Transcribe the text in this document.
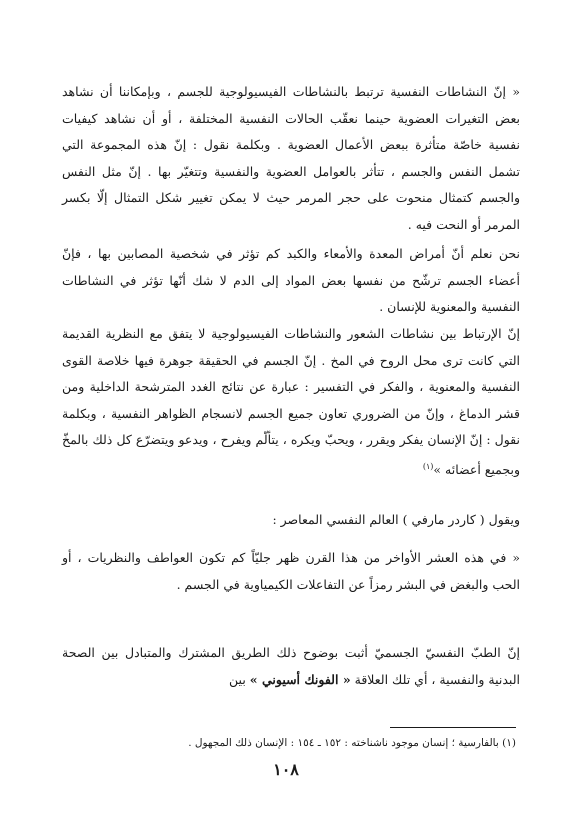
« إنّ النشاطات النفسية ترتبط بالنشاطات الفيسيولوجية للجسم ، وبإمكاننا أن نشاهد بعض التغيرات العضوية حينما نعقّب الحالات النفسية المختلفة ، أو أن نشاهد كيفيات نفسية خاصّة متأثرة ببعض الأعمال العضوية . وبكلمة نقول : إنّ هذه المجموعة التي تشمل النفس والجسم ، تتأثر بالعوامل العضوية والنفسية وتتغيّر بها . إنّ مثل النفس والجسم كتمثال منحوت على حجر المرمر حيث لا يمكن تغيير شكل التمثال إلّا بكسر المرمر أو النحت فيه .

نحن نعلم أنّ أمراض المعدة والأمعاء والكبد كم تؤثر في شخصية المصابين بها ، فإنّ أعضاء الجسم ترشّح من نفسها بعض المواد إلى الدم لا شك أنّها تؤثر في النشاطات النفسية والمعنوية للإنسان .

إنّ الإرتباط بين نشاطات الشعور والنشاطات الفيسيولوجية لا يتفق مع النظرية القديمة التي كانت ترى محل الروح في المخ . إنّ الجسم في الحقيقة جوهرة فيها خلاصة القوى النفسية والمعنوية ، والفكر في التفسير : عبارة عن نتائج الغدد المترشحة الداخلية ومن قشر الدماغ ، وإنّ من الضروري تعاون جميع الجسم لانسجام الظواهر النفسية ، وبكلمة نقول : إنّ الإنسان يفكر ويقرر ، ويحبّ ويكره ، يتألّم ويفرح ، ويدعو ويتضرّع كل ذلك بالمخّ وبجميع أعضائه »$^{(١)}$

ويقول ( كاردر مارفي ) العالم النفسي المعاصر :

« في هذه العشر الأواخر من هذا القرن ظهر جليّاً كم تكون العواطف والنظريات ، أو الحب والبغض في البشر رمزاً عن التفاعلات الكيمياوية في الجسم .

إنّ الطبّ النفسيّ الجسميّ أثبت بوضوح ذلك الطريق المشترك والمتبادل بين الصحة البدنية والنفسية ، أي تلك العلاقة « الفونك أسيوني » بين

(١) بالفارسية ؛ إنسان موجود ناشناخته : ١٥٢ ـ ١٥٤ : الإنسان ذلك المجهول .
١٠٨
